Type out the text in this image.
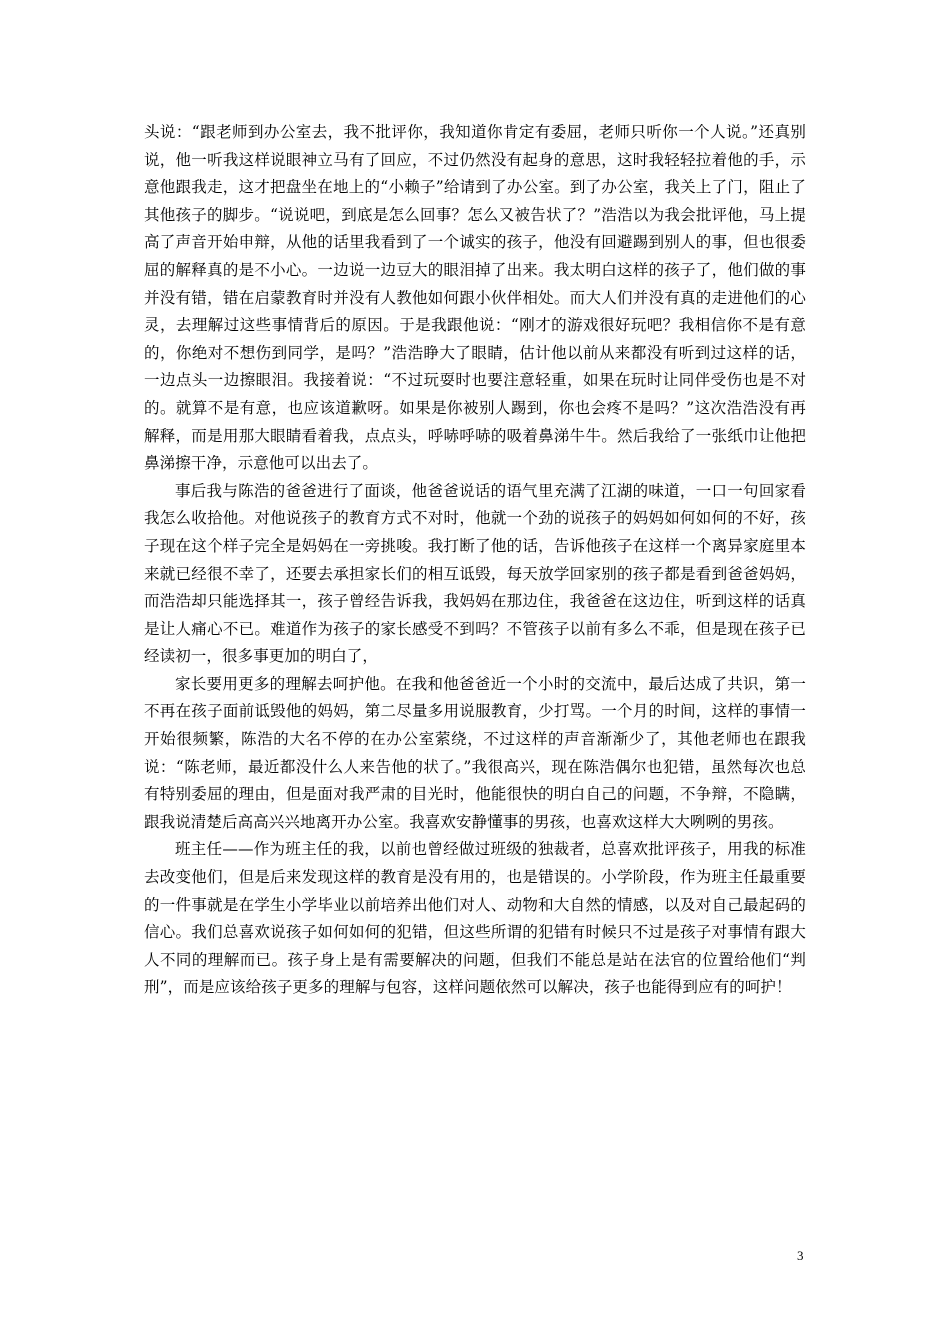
头说：“跟老师到办公室去，我不批评你，我知道你肯定有委屈，老师只听你一个人说。”还真别说，他一听我这样说眼神立马有了回应，不过仍然没有起身的意思，这时我轻轻拉着他的手，示意他跟我走，这才把盘坐在地上的“小赖子”给请到了办公室。到了办公室，我关上了门，阻止了其他孩子的脚步。“说说吧，到底是怎么回事？怎么又被告状了？”浩浩以为我会批评他，马上提高了声音开始申辩，从他的话里我看到了一个诚实的孩子，他没有回避踢到别人的事，但也很委屈的解释真的是不小心。一边说一边豆大的眼泪掉了出来。我太明白这样的孩子了，他们做的事并没有错，错在启蒙教育时并没有人教他如何跟小伙伴相处。而大人们并没有真的走进他们的心灵，去理解过这些事情背后的原因。于是我跟他说：“刚才的游戏很好玩吧？我相信你不是有意的，你绝对不想伤到同学，是吗？”浩浩睁大了眼睛，估计他以前从来都没有听到过这样的话，一边点头一边擦眼泪。我接着说：“不过玩耍时也要注意轻重，如果在玩时让同伴受伤也是不对的。就算不是有意，也应该道歉呀。如果是你被别人踢到，你也会疼不是吗？”这次浩浩没有再解释，而是用那大眼睛看着我，点点头，呼哧呼哧的吸着鼻涕牛牛。然后我给了一张纸巾让他把鼻涕擦干净，示意他可以出去了。

事后我与陈浩的爸爸进行了面谈，他爸爸说话的语气里充满了江湖的味道，一口一句回家看我怎么收拾他。对他说孩子的教育方式不对时，他就一个劲的说孩子的妈妈如何如何的不好，孩子现在这个样子完全是妈妈在一旁挑唆。我打断了他的话，告诉他孩子在这样一个离异家庭里本来就已经很不幸了，还要去承担家长们的相互诋毁，每天放学回家别的孩子都是看到爸爸妈妈，而浩浩却只能选择其一，孩子曾经告诉我，我妈妈在那边住，我爸爸在这边住，听到这样的话真是让人痛心不已。难道作为孩子的家长感受不到吗？不管孩子以前有多么不乖，但是现在孩子已经读初一，很多事更加的明白了，

家长要用更多的理解去呵护他。在我和他爸爸近一个小时的交流中，最后达成了共识，第一不再在孩子面前诋毁他的妈妈，第二尽量多用说服教育，少打骂。一个月的时间，这样的事情一开始很频繁，陈浩的大名不停的在办公室萦绕，不过这样的声音渐渐少了，其他老师也在跟我说：“陈老师，最近都没什么人来告他的状了。”我很高兴，现在陈浩偶尔也犯错，虽然每次也总有特别委屈的理由，但是面对我严肃的目光时，他能很快的明白自己的问题，不争辩，不隐瞒，跟我说清楚后高高兴兴地离开办公室。我喜欢安静懂事的男孩，也喜欢这样大大咧咧的男孩。

班主任——作为班主任的我，以前也曾经做过班级的独裁者，总喜欢批评孩子，用我的标准去改变他们，但是后来发现这样的教育是没有用的，也是错误的。小学阶段，作为班主任最重要的一件事就是在学生小学毕业以前培养出他们对人、动物和大自然的情感，以及对自己最起码的信心。我们总喜欢说孩子如何如何的犯错，但这些所谓的犯错有时候只不过是孩子对事情有跟大人不同的理解而已。孩子身上是有需要解决的问题，但我们不能总是站在法官的位置给他们“判刑”，而是应该给孩子更多的理解与包容，这样问题依然可以解决，孩子也能得到应有的呵护！

3
